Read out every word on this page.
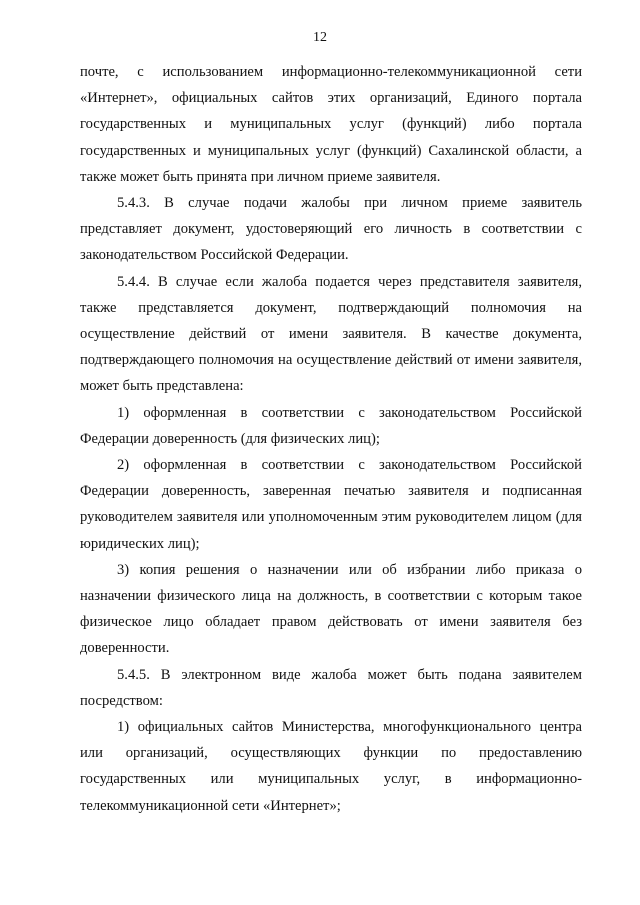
12

почте, с использованием информационно-телекоммуникационной сети «Интернет», официальных сайтов этих организаций, Единого портала государственных и муниципальных услуг (функций) либо портала государственных и муниципальных услуг (функций) Сахалинской области, а также может быть принята при личном приеме заявителя.

5.4.3. В случае подачи жалобы при личном приеме заявитель представляет документ, удостоверяющий его личность в соответствии с законодательством Российской Федерации.

5.4.4. В случае если жалоба подается через представителя заявителя, также представляется документ, подтверждающий полномочия на осуществление действий от имени заявителя. В качестве документа, подтверждающего полномочия на осуществление действий от имени заявителя, может быть представлена:

1) оформленная в соответствии с законодательством Российской Федерации доверенность (для физических лиц);

2) оформленная в соответствии с законодательством Российской Федерации доверенность, заверенная печатью заявителя и подписанная руководителем заявителя или уполномоченным этим руководителем лицом (для юридических лиц);

3) копия решения о назначении или об избрании либо приказа о назначении физического лица на должность, в соответствии с которым такое физическое лицо обладает правом действовать от имени заявителя без доверенности.

5.4.5. В электронном виде жалоба может быть подана заявителем посредством:

1) официальных сайтов Министерства, многофункционального центра или организаций, осуществляющих функции по предоставлению государственных или муниципальных услуг, в информационно-телекоммуникационной сети «Интернет»;
